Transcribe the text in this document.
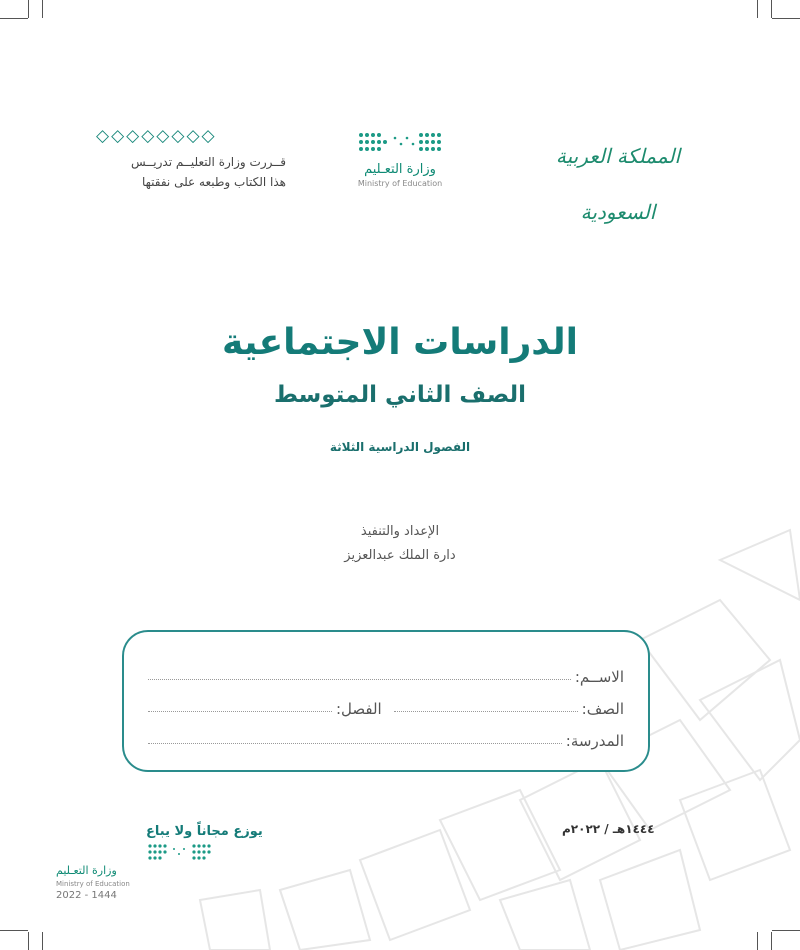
المملكة العربية السعودية
وزارة التعـليم
Ministry of Education
◇◇◇◇◇◇◇◇
قــررت وزارة التعليــم تدريــس
هذا الكتاب وطبعه على نفقتها
الدراسات الاجتماعية
الصف الثاني المتوسط
الفصول الدراسية الثلاثة
الإعداد والتنفيذ
دارة الملك عبدالعزيز
الاســم:
الصف:
الفصل:
المدرسة:
١٤٤٤هـ / ٢٠٢٢م
يوزع مجاناً ولا يباع
وزارة التعـليم
Ministry of Education
2022 - 1444
